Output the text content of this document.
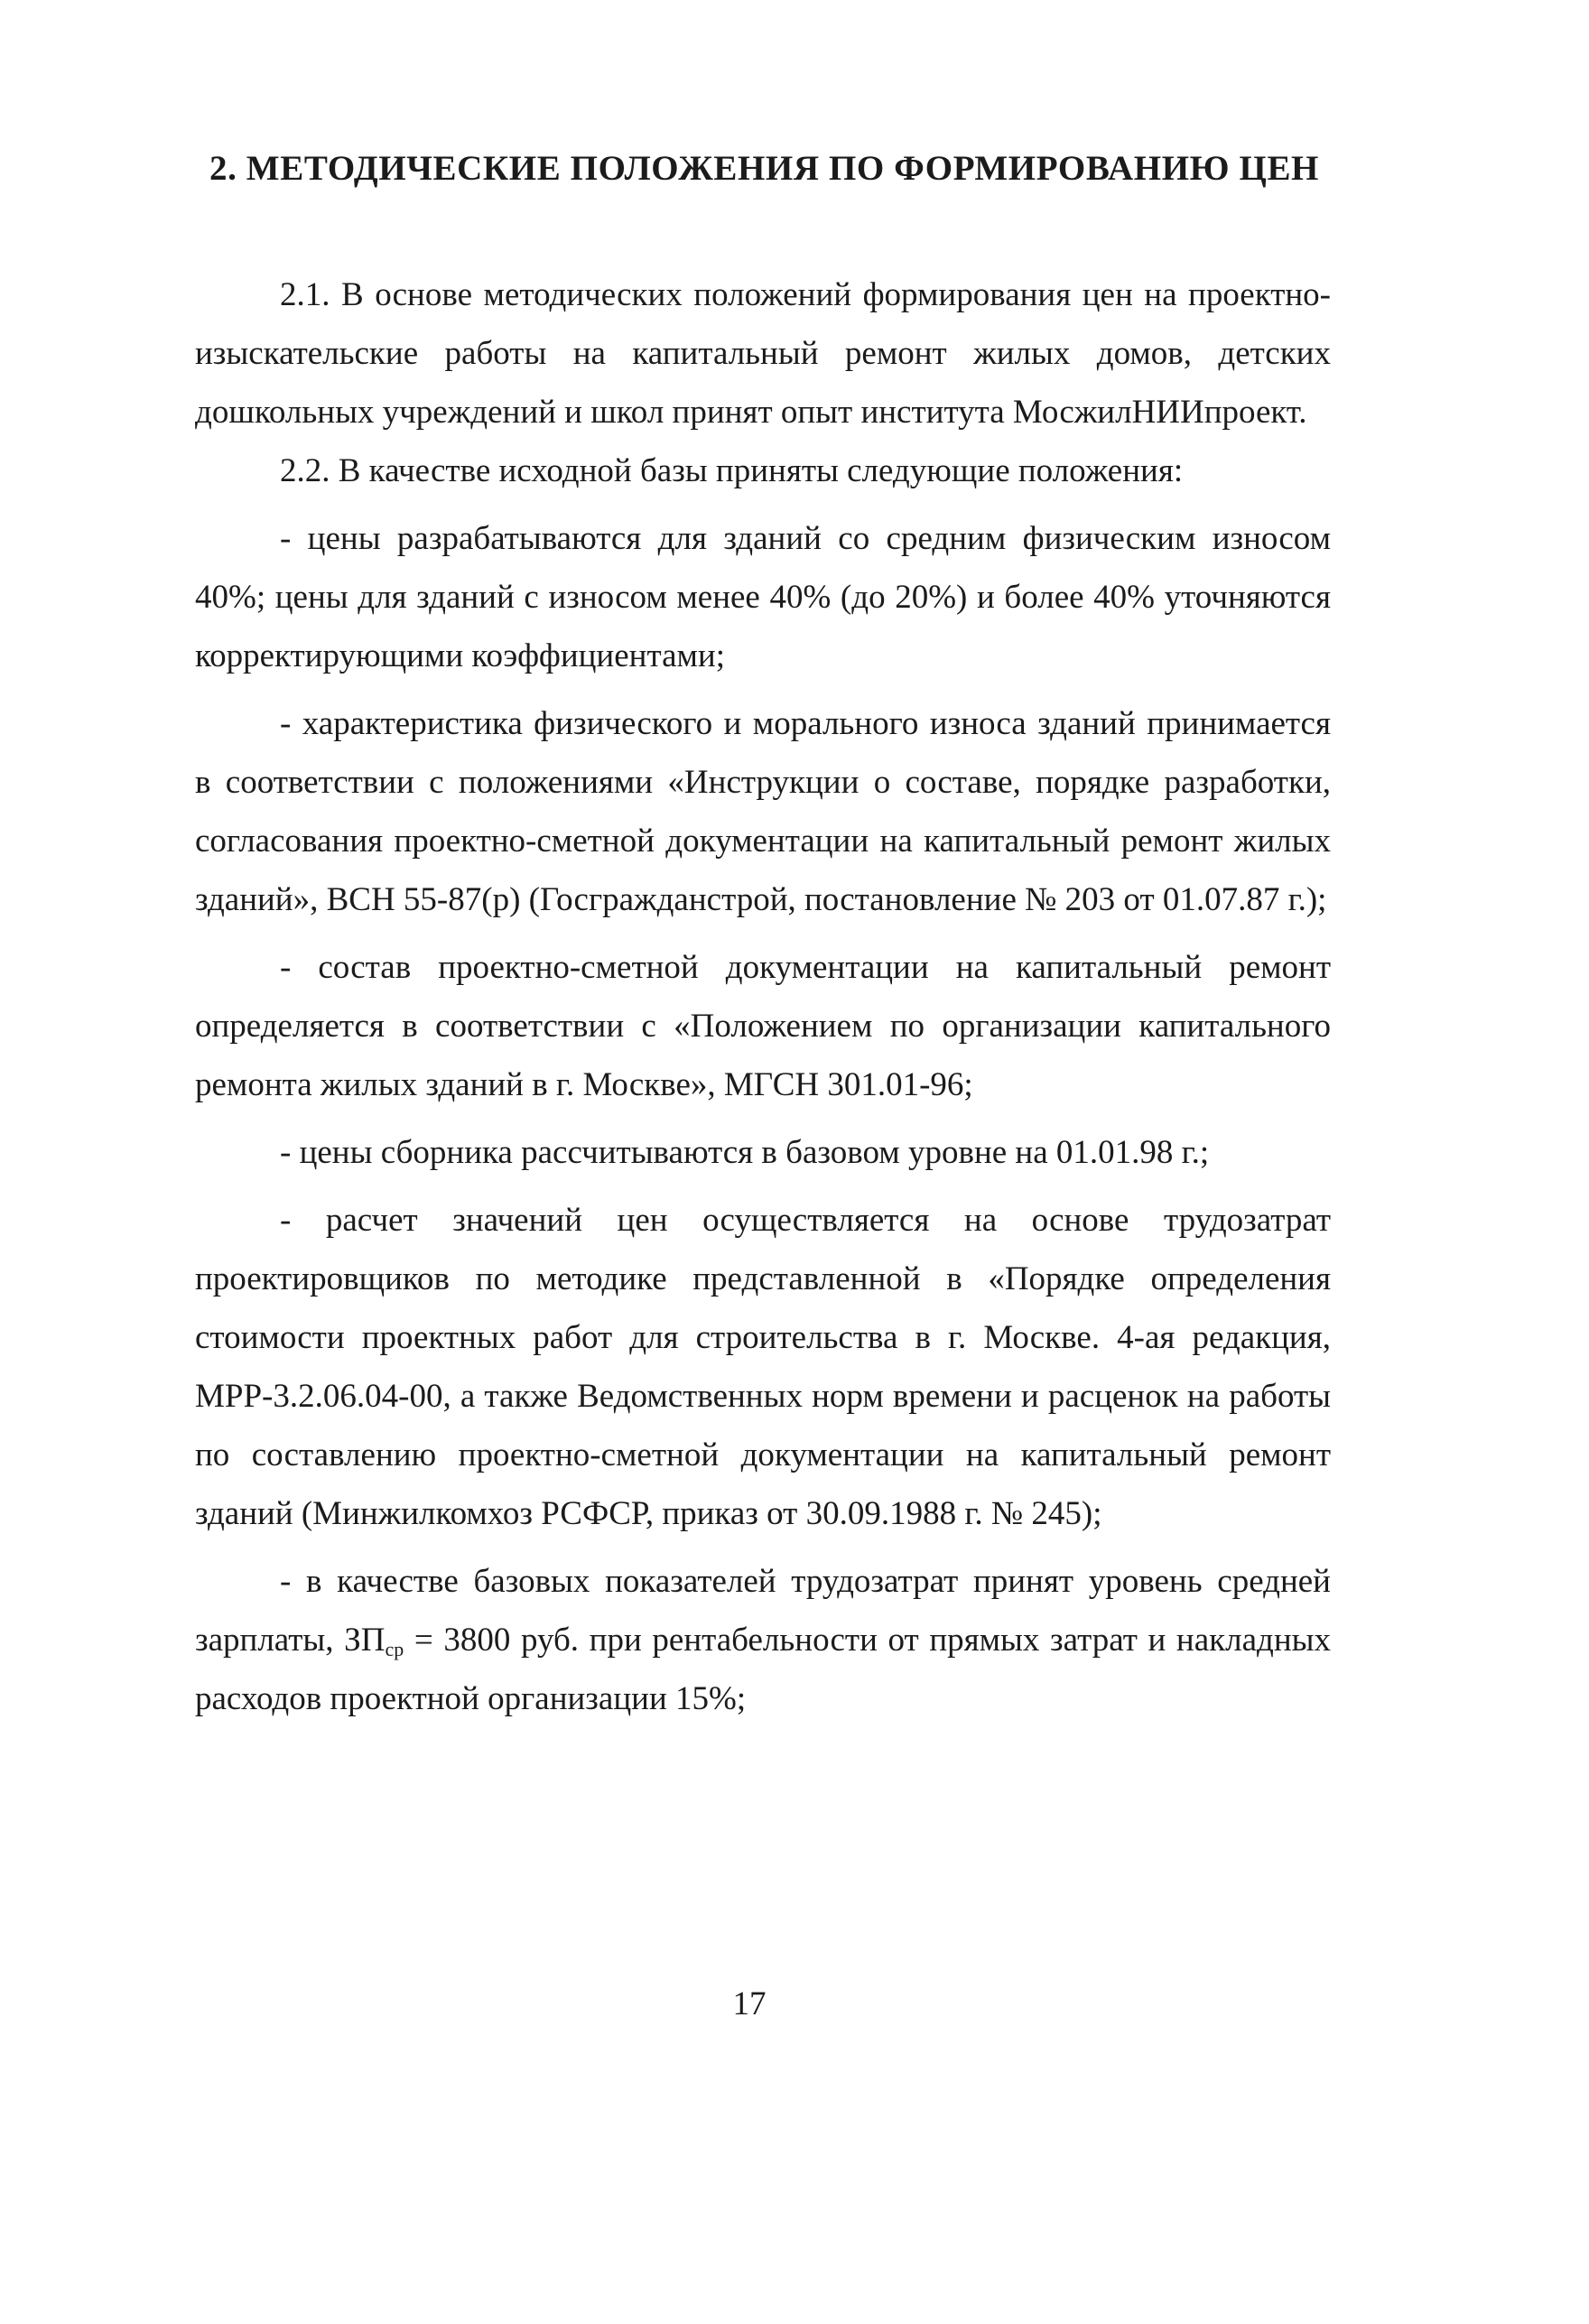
2. МЕТОДИЧЕСКИЕ ПОЛОЖЕНИЯ ПО ФОРМИРОВАНИЮ ЦЕН

2.1. В основе методических положений формирования цен на проектно-изыскательские работы на капитальный ремонт жилых домов, детских дошкольных учреждений и школ принят опыт института МосжилНИИпроект.

2.2. В качестве исходной базы приняты следующие положения:

- цены разрабатываются для зданий со средним физическим износом 40%; цены для зданий с износом менее 40% (до 20%) и более 40% уточняются корректирующими коэффициентами;

- характеристика физического и морального износа зданий принимается в соответствии с положениями «Инструкции о составе, порядке разработки, согласования проектно-сметной документации на капитальный ремонт жилых зданий», ВСН 55-87(р) (Госгражданстрой, постановление № 203 от 01.07.87 г.);

- состав проектно-сметной документации на капитальный ремонт определяется в соответствии с «Положением по организации капитального ремонта жилых зданий в г. Москве», МГСН 301.01-96;

- цены сборника рассчитываются в базовом уровне на 01.01.98 г.;

- расчет значений цен осуществляется на основе трудозатрат проектировщиков по методике представленной в «Порядке определения стоимости проектных работ для строительства в г. Москве. 4-ая редакция, МРР-3.2.06.04-00, а также Ведомственных норм времени и расценок на работы по составлению проектно-сметной документации на капитальный ремонт зданий (Минжилкомхоз РСФСР, приказ от 30.09.1988 г. № 245);

- в качестве базовых показателей трудозатрат принят уровень средней зарплаты, $ЗП_{ср} = 3800$ руб. при рентабельности от прямых затрат и накладных расходов проектной организации 15%;

17
